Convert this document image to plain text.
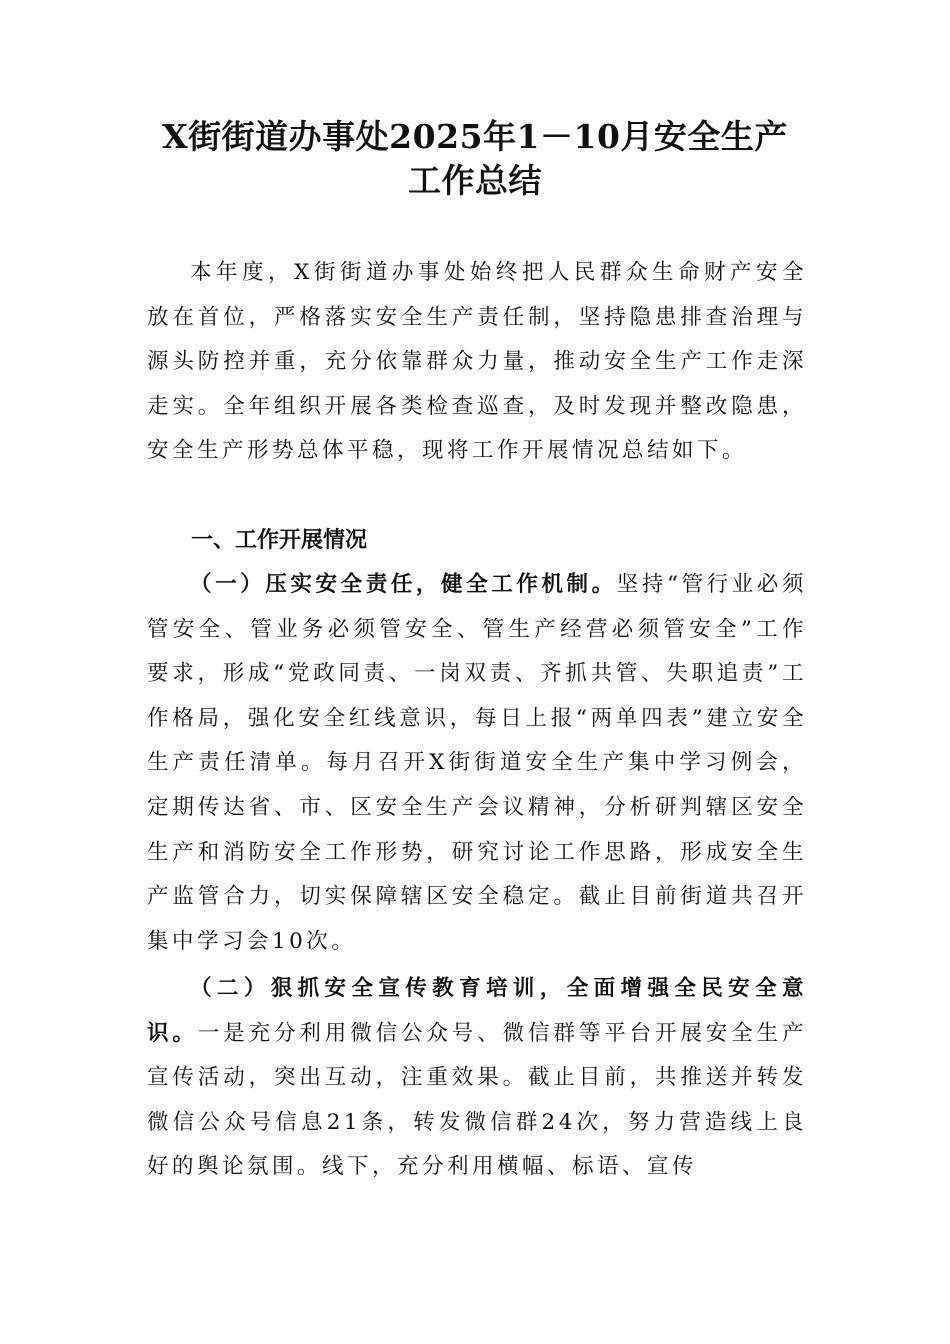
X街街道办事处2025年1－10月安全生产
工作总结

本年度，X街街道办事处始终把人民群众生命财产安全放在首位，严格落实安全生产责任制，坚持隐患排查治理与源头防控并重，充分依靠群众力量，推动安全生产工作走深走实。全年组织开展各类检查巡查，及时发现并整改隐患，安全生产形势总体平稳，现将工作开展情况总结如下。

一、工作开展情况

（一）压实安全责任，健全工作机制。坚持“管行业必须管安全、管业务必须管安全、管生产经营必须管安全”工作要求，形成“党政同责、一岗双责、齐抓共管、失职追责”工作格局，强化安全红线意识，每日上报“两单四表”建立安全生产责任清单。每月召开X街街道安全生产集中学习例会，定期传达省、市、区安全生产会议精神，分析研判辖区安全生产和消防安全工作形势，研究讨论工作思路，形成安全生产监管合力，切实保障辖区安全稳定。截止目前街道共召开集中学习会10次。

（二）狠抓安全宣传教育培训，全面增强全民安全意识。一是充分利用微信公众号、微信群等平台开展安全生产宣传活动，突出互动，注重效果。截止目前，共推送并转发微信公众号信息21条，转发微信群24次，努力营造线上良好的舆论氛围。线下，充分利用横幅、标语、宣传
